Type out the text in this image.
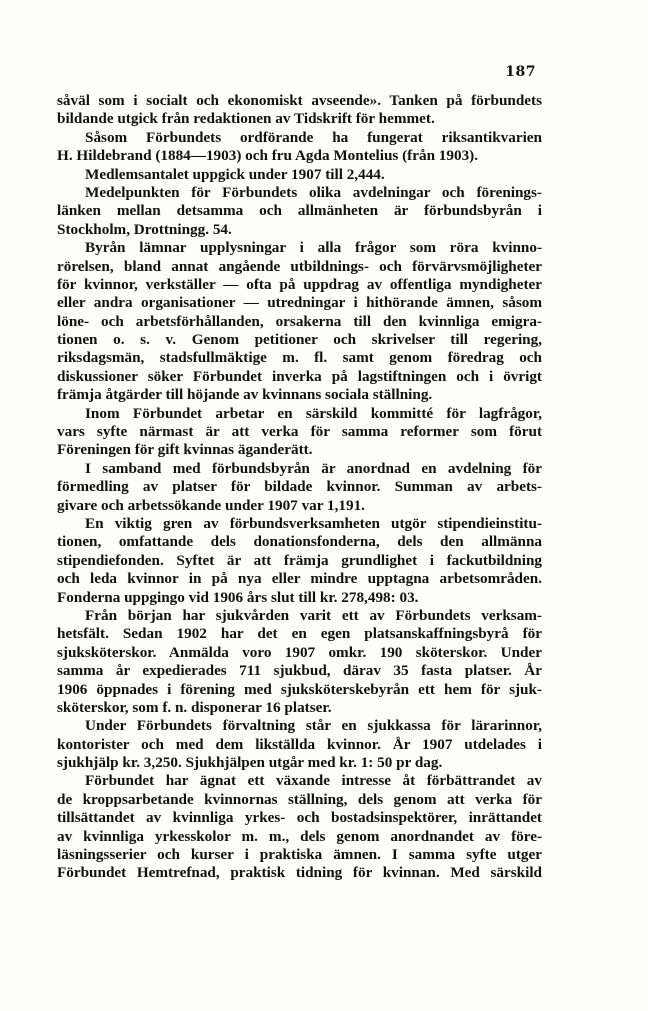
187
såväl som i socialt och ekonomiskt avseende». Tanken på förbundets
bildande utgick från redaktionen av Tidskrift för hemmet.
Såsom Förbundets ordförande ha fungerat riksantikvarien
H. Hildebrand (1884—1903) och fru Agda Montelius (från 1903).
Medlemsantalet uppgick under 1907 till 2,444.
Medelpunkten för Förbundets olika avdelningar och förenings-
länken mellan detsamma och allmänheten är förbundsbyrån i
Stockholm, Drottningg. 54.
Byrån lämnar upplysningar i alla frågor som röra kvinno-
rörelsen, bland annat angående utbildnings- och förvärvsmöjligheter
för kvinnor, verkställer — ofta på uppdrag av offentliga myndigheter
eller andra organisationer — utredningar i hithörande ämnen, såsom
löne- och arbetsförhållanden, orsakerna till den kvinnliga emigra-
tionen o. s. v. Genom petitioner och skrivelser till regering,
riksdagsmän, stadsfullmäktige m. fl. samt genom föredrag och
diskussioner söker Förbundet inverka på lagstiftningen och i övrigt
främja åtgärder till höjande av kvinnans sociala ställning.
Inom Förbundet arbetar en särskild kommitté för lagfrågor,
vars syfte närmast är att verka för samma reformer som förut
Föreningen för gift kvinnas äganderätt.
I samband med förbundsbyrån är anordnad en avdelning för
förmedling av platser för bildade kvinnor. Summan av arbets-
givare och arbetssökande under 1907 var 1,191.
En viktig gren av förbundsverksamheten utgör stipendieinstitu-
tionen, omfattande dels donationsfonderna, dels den allmänna
stipendiefonden. Syftet är att främja grundlighet i fackutbildning
och leda kvinnor in på nya eller mindre upptagna arbetsområden.
Fonderna uppgingo vid 1906 års slut till kr. 278,498: 03.
Från början har sjukvården varit ett av Förbundets verksam-
hetsfält. Sedan 1902 har det en egen platsanskaffningsbyrå för
sjuksköterskor. Anmälda voro 1907 omkr. 190 sköterskor. Under
samma år expedierades 711 sjukbud, därav 35 fasta platser. År
1906 öppnades i förening med sjuksköterskebyrån ett hem för sjuk-
sköterskor, som f. n. disponerar 16 platser.
Under Förbundets förvaltning står en sjukkassa för lärarinnor,
kontorister och med dem likställda kvinnor. År 1907 utdelades i
sjukhjälp kr. 3,250. Sjukhjälpen utgår med kr. 1: 50 pr dag.
Förbundet har ägnat ett växande intresse åt förbättrandet av
de kroppsarbetande kvinnornas ställning, dels genom att verka för
tillsättandet av kvinnliga yrkes- och bostadsinspektörer, inrättandet
av kvinnliga yrkesskolor m. m., dels genom anordnandet av före-
läsningsserier och kurser i praktiska ämnen. I samma syfte utger
Förbundet Hemtrefnad, praktisk tidning för kvinnan. Med särskild
